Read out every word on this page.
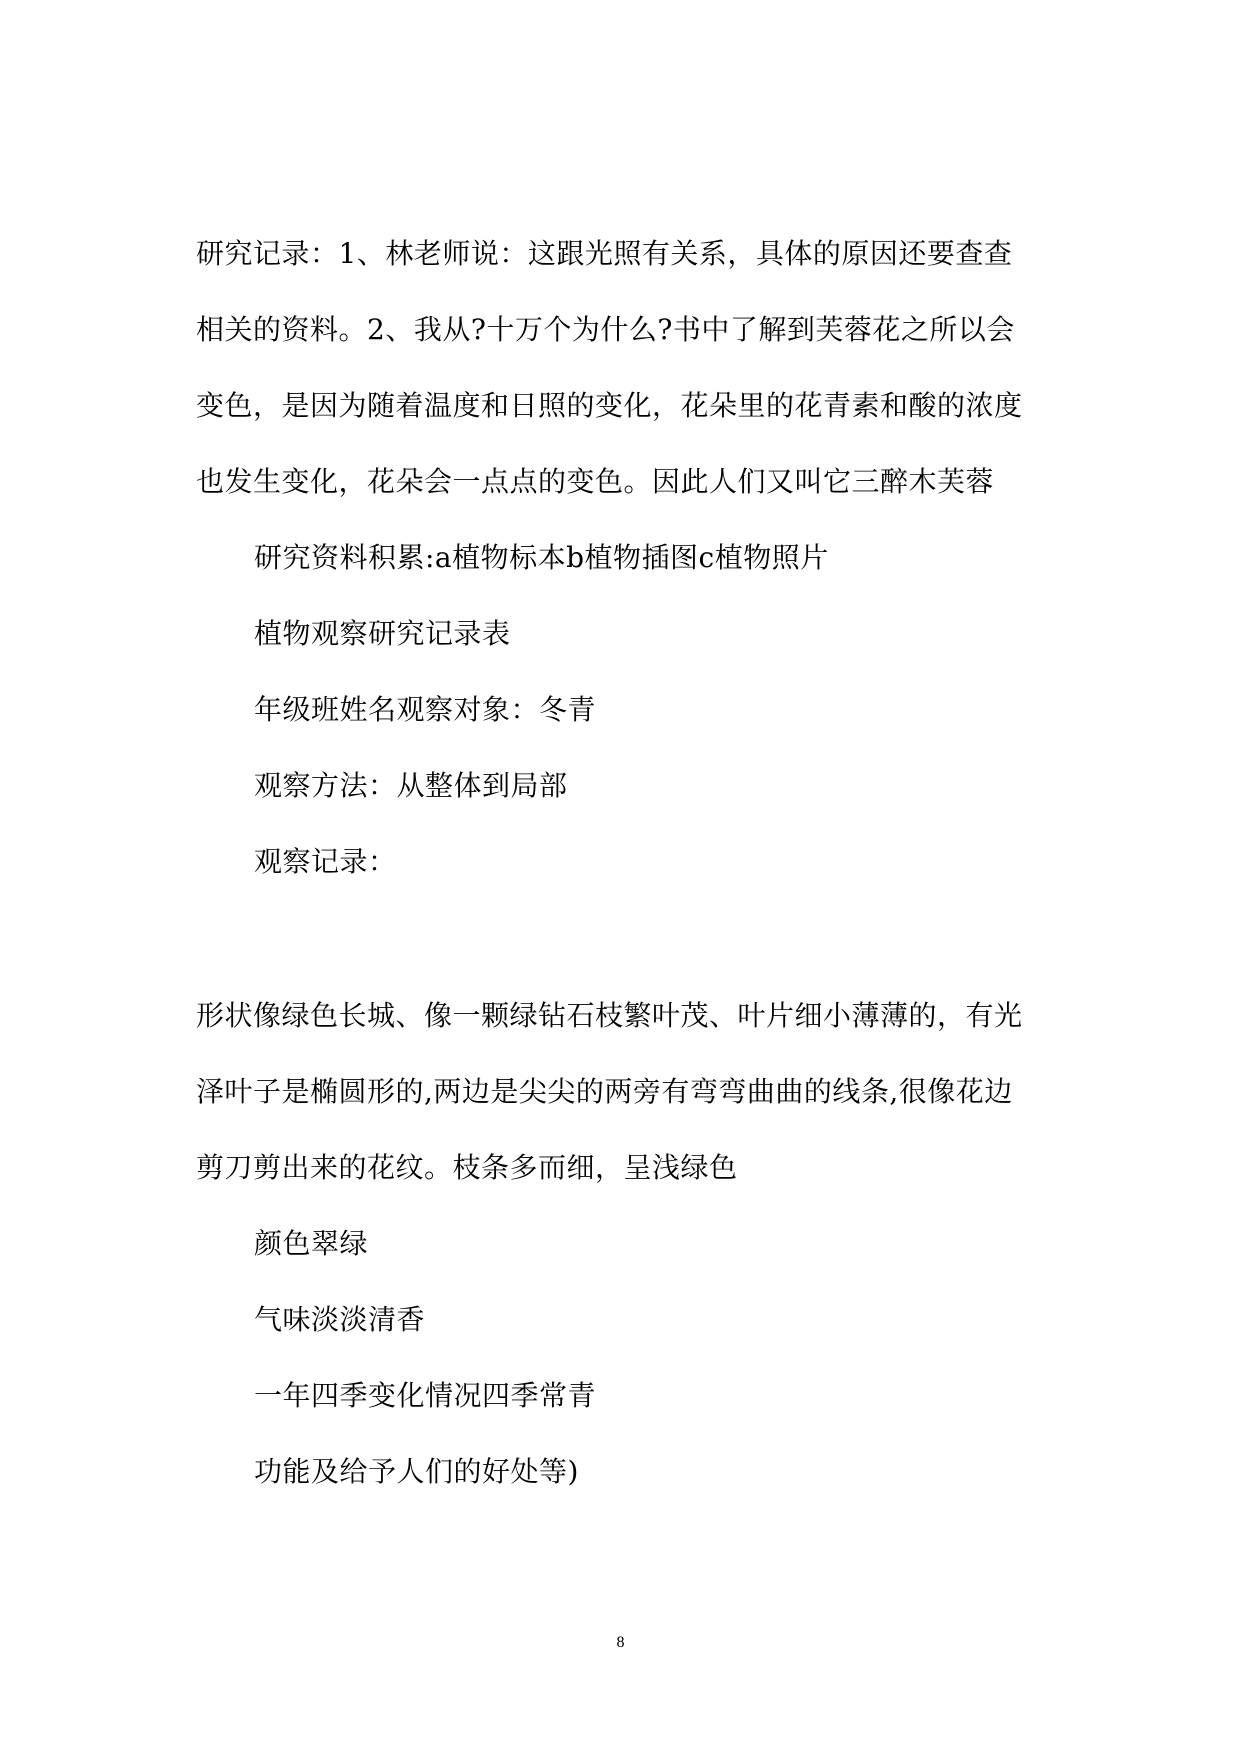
研究记录：1、林老师说：这跟光照有关系，具体的原因还要查查
相关的资料。2、我从?十万个为什么?书中了解到芙蓉花之所以会
变色，是因为随着温度和日照的变化，花朵里的花青素和酸的浓度
也发生变化，花朵会一点点的变色。因此人们又叫它三醉木芙蓉
研究资料积累:a植物标本b植物插图c植物照片
植物观察研究记录表
年级班姓名观察对象：冬青
观察方法：从整体到局部
观察记录：
形状像绿色长城、像一颗绿钻石枝繁叶茂、叶片细小薄薄的，有光
泽叶子是椭圆形的,两边是尖尖的两旁有弯弯曲曲的线条,很像花边
剪刀剪出来的花纹。枝条多而细，呈浅绿色
颜色翠绿
气味淡淡清香
一年四季变化情况四季常青
功能及给予人们的好处等)
8
